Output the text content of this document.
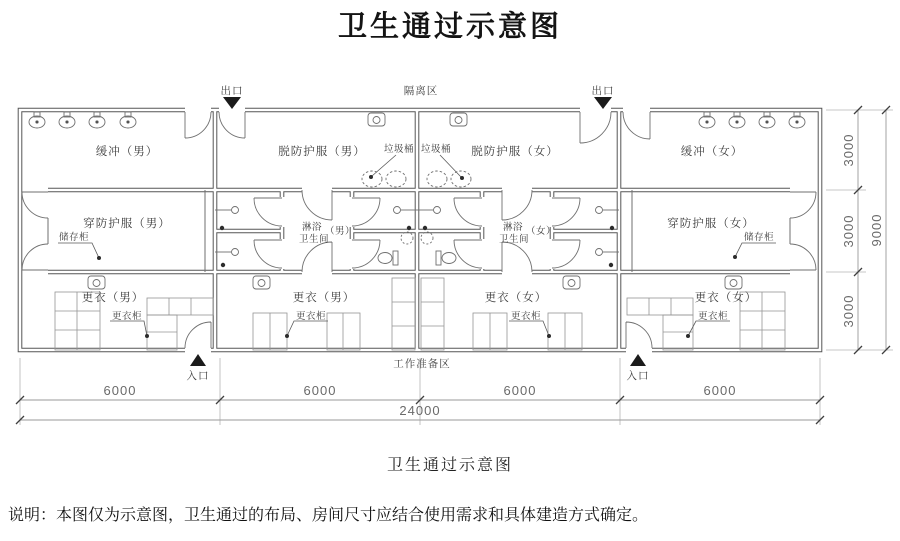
卫生通过示意图
出口	出口
隔离区
缓冲（男）	脱防护服（男）	脱防护服（女）	缓冲（女）
垃圾桶 垃圾桶
穿防护服（男）	穿防护服（女）
储存柜	储存柜
淋浴
卫生间
（男）	淋浴
卫生间
（女）
更衣（男）	更衣（男）	更衣（女）	更衣（女）
更衣柜	更衣柜	更衣柜	更衣柜
入口	入口
工作准备区
6000	6000	6000	6000
24000
3000
3000
3000
9000
卫生通过示意图
说明：本图仅为示意图，卫生通过的布局、房间尺寸应结合使用需求和具体建造方式确定。
